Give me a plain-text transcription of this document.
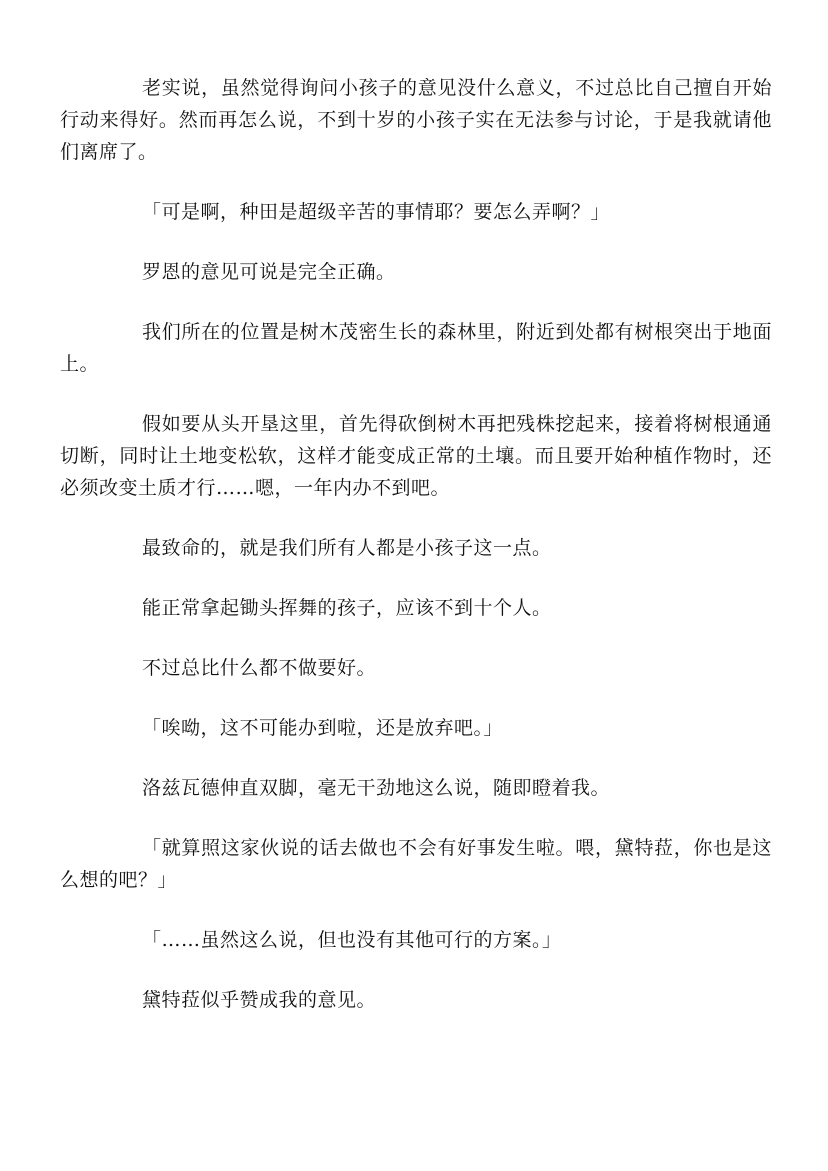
老实说，虽然觉得询问小孩子的意见没什么意义，不过总比自己擅自开始行动来得好。然而再怎么说，不到十岁的小孩子实在无法参与讨论，于是我就请他们离席了。

「可是啊，种田是超级辛苦的事情耶？要怎么弄啊？」

罗恩的意见可说是完全正确。

我们所在的位置是树木茂密生长的森林里，附近到处都有树根突出于地面上。

假如要从头开垦这里，首先得砍倒树木再把残株挖起来，接着将树根通通切断，同时让土地变松软，这样才能变成正常的土壤。而且要开始种植作物时，还必须改变土质才行……嗯，一年内办不到吧。

最致命的，就是我们所有人都是小孩子这一点。

能正常拿起锄头挥舞的孩子，应该不到十个人。

不过总比什么都不做要好。

「唉呦，这不可能办到啦，还是放弃吧。」

洛兹瓦德伸直双脚，毫无干劲地这么说，随即瞪着我。

「就算照这家伙说的话去做也不会有好事发生啦。喂，黛特菈，你也是这么想的吧？」

「……虽然这么说，但也没有其他可行的方案。」

黛特菈似乎赞成我的意见。
